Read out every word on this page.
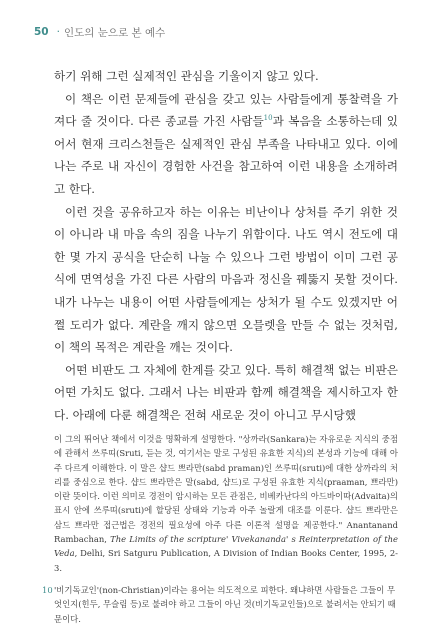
50 · 인도의 눈으로 본 예수

하기 위해 그런 실제적인 관심을 기울이지 않고 있다.

이 책은 이런 문제들에 관심을 갖고 있는 사람들에게 통찰력을 가져다 줄 것이다. 다른 종교를 가진 사람들$^{10}$과 복음을 소통하는데 있어서 현재 크리스천들은 실제적인 관심 부족을 나타내고 있다. 이에 나는 주로 내 자신이 경험한 사건을 참고하여 이런 내용을 소개하려고 한다.

이런 것을 공유하고자 하는 이유는 비난이나 상처를 주기 위한 것이 아니라 내 마음 속의 짐을 나누기 위함이다. 나도 역시 전도에 대한 몇 가지 공식을 단순히 나눌 수 있으나 그런 방법이 이미 그런 공식에 면역성을 가진 다른 사람의 마음과 정신을 꿰뚫지 못할 것이다. 내가 나누는 내용이 어떤 사람들에게는 상처가 될 수도 있겠지만 어쩔 도리가 없다. 계란을 깨지 않으면 오믈렛을 만들 수 없는 것처럼, 이 책의 목적은 계란을 깨는 것이다.

어떤 비판도 그 자체에 한계를 갖고 있다. 특히 해결책 없는 비판은 어떤 가치도 없다. 그래서 나는 비판과 함께 해결책을 제시하고자 한다. 아래에 다룬 해결책은 전혀 새로운 것이 아니고 무시당했

이 그의 뛰어난 책에서 이것을 명확하게 설명한다. "상까라(Sankara)는 자유로운 지식의 중점에 관해서 쓰루띠(Sruti, 듣는 것, 여기서는 말로 구성된 유효한 지식)의 본성과 기능에 대해 아주 다르게 이해한다. 이 말은 샵드 쁘라만(sabd praman)인 쓰루띠(sruti)에 대한 상까라의 처리를 중심으로 한다. 샵드 쁘라만은 말(sabd, 샵드)로 구성된 유효한 지식(praaman, 쁘라만)이란 뜻이다. 이런 의미로 경전이 암시하는 모든 관점은, 비베카난다의 아드바이따(Advaita)의 표시 안에 쓰루띠(sruti)에 할당된 상태와 기능과 아주 놀랄게 대조를 이룬다. 샵드 쁘라만은 삼드 쁘라만 접근법은 경전의 필요성에 아주 다른 이론적 설명을 제공한다." Anantanand Rambachan, The Limits of the scripture' Vivekananda' s Reinterpretation of the Veda, Delhi, Sri Satguru Publication, A Division of Indian Books Center, 1995, 2-3.
10 '비기독교인'(non-Christian)이라는 용어는 의도적으로 피한다. 왜냐하면 사람들은 그들이 무엇인지(힌두, 무슬림 등)로 불려야 하고 그들이 아닌 것(비기독교인들)으로 불려서는 안되기 때문이다.
